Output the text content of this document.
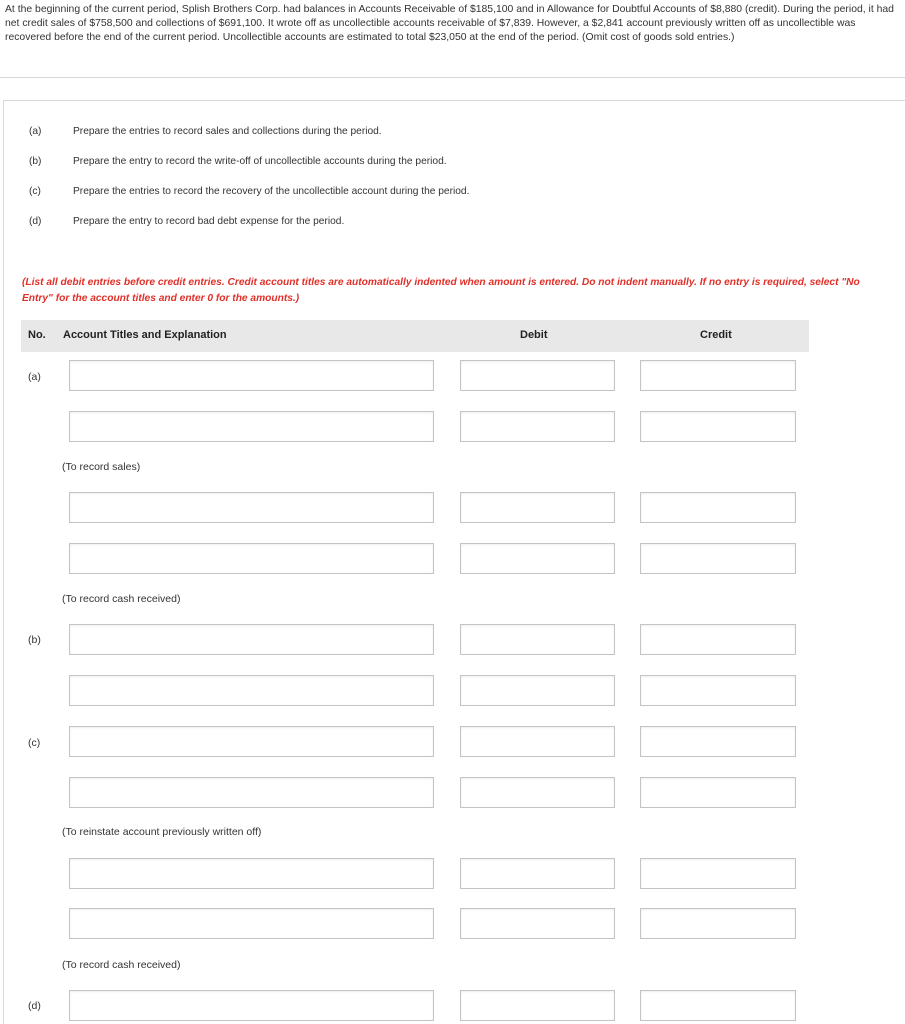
At the beginning of the current period, Splish Brothers Corp. had balances in Accounts Receivable of $185,100 and in Allowance for Doubtful Accounts of $8,880 (credit). During the period, it had net credit sales of $758,500 and collections of $691,100. It wrote off as uncollectible accounts receivable of $7,839. However, a $2,841 account previously written off as uncollectible was recovered before the end of the current period. Uncollectible accounts are estimated to total $23,050 at the end of the period. (Omit cost of goods sold entries.)

(a)	Prepare the entries to record sales and collections during the period.
(b)	Prepare the entry to record the write-off of uncollectible accounts during the period.
(c)	Prepare the entries to record the recovery of the uncollectible account during the period.
(d)	Prepare the entry to record bad debt expense for the period.

(List all debit entries before credit entries. Credit account titles are automatically indented when amount is entered. Do not indent manually. If no entry is required, select "No Entry" for the account titles and enter 0 for the amounts.)

No. Account Titles and Explanation	Debit	Credit
(a)
(To record sales)
(To record cash received)
(b)
(c)
(To reinstate account previously written off)
(To record cash received)
(d)
